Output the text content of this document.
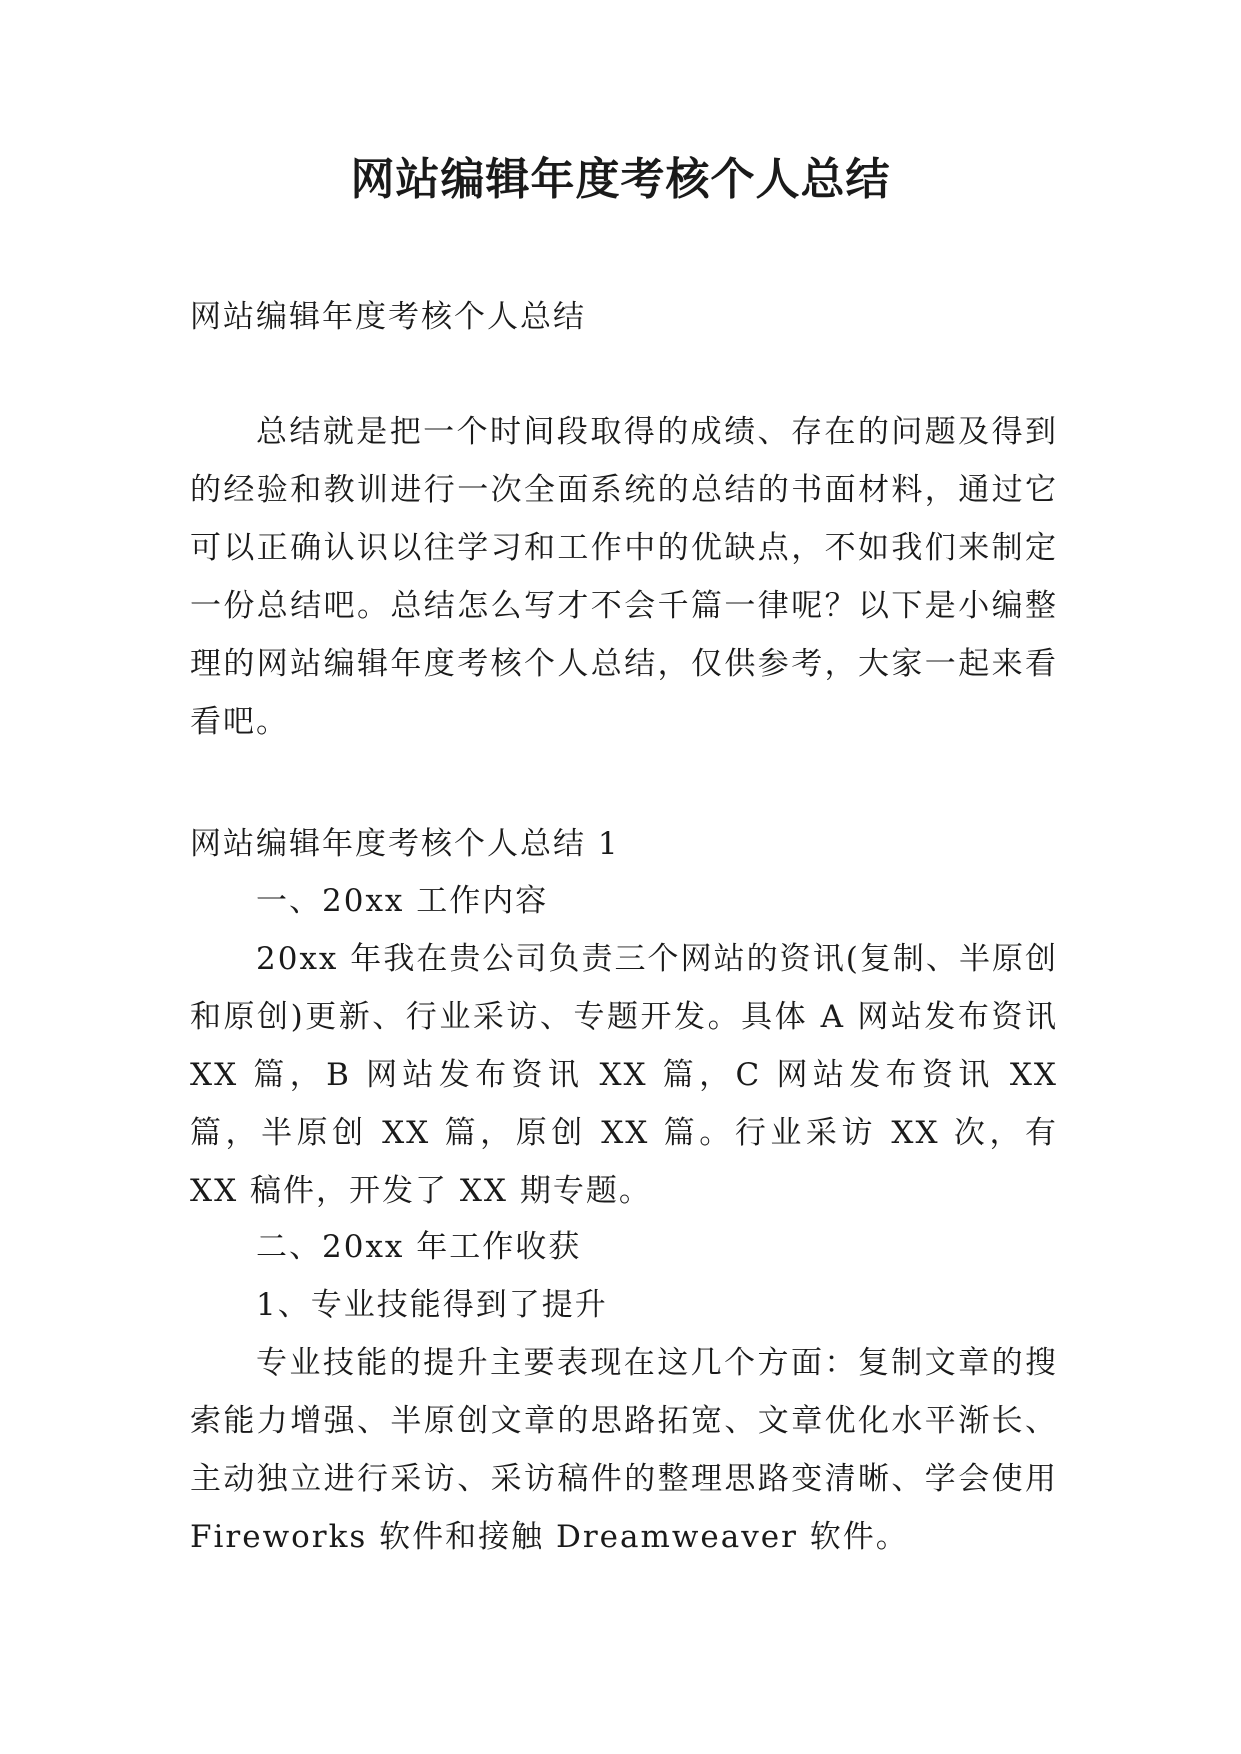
网站编辑年度考核个人总结

网站编辑年度考核个人总结

总结就是把一个时间段取得的成绩、存在的问题及得到的经验和教训进行一次全面系统的总结的书面材料，通过它可以正确认识以往学习和工作中的优缺点，不如我们来制定一份总结吧。总结怎么写才不会千篇一律呢？以下是小编整理的网站编辑年度考核个人总结，仅供参考，大家一起来看看吧。

网站编辑年度考核个人总结 1

一、20xx 工作内容

20xx 年我在贵公司负责三个网站的资讯(复制、半原创和原创)更新、行业采访、专题开发。具体 A 网站发布资讯 XX 篇，B 网站发布资讯 XX 篇，C 网站发布资讯 XX 篇，半原创 XX 篇，原创 XX 篇。行业采访 XX 次，有 XX 稿件，开发了 XX 期专题。

二、20xx 年工作收获

1、专业技能得到了提升

专业技能的提升主要表现在这几个方面：复制文章的搜索能力增强、半原创文章的思路拓宽、文章优化水平渐长、主动独立进行采访、采访稿件的整理思路变清晰、学会使用 Fireworks 软件和接触 Dreamweaver 软件。
